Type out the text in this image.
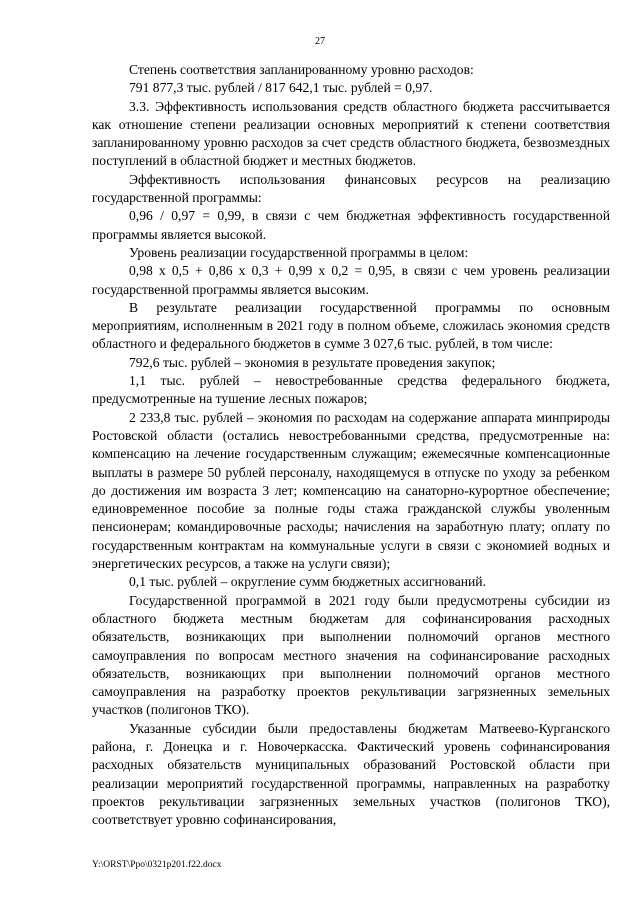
27

Степень соответствия запланированному уровню расходов:

791 877,3 тыс. рублей / 817 642,1 тыс. рублей = 0,97.

3.3. Эффективность использования средств областного бюджета рассчитывается как отношение степени реализации основных мероприятий к степени соответствия запланированному уровню расходов за счет средств областного бюджета, безвозмездных поступлений в областной бюджет и местных бюджетов.

Эффективность использования финансовых ресурсов на реализацию государственной программы:

0,96 / 0,97 = 0,99, в связи с чем бюджетная эффективность государственной программы является высокой.

Уровень реализации государственной программы в целом:

0,98 х 0,5 + 0,86 х 0,3 + 0,99 х 0,2 = 0,95, в связи с чем уровень реализации государственной программы является высоким.

В результате реализации государственной программы по основным мероприятиям, исполненным в 2021 году в полном объеме, сложилась экономия средств областного и федерального бюджетов в сумме 3 027,6 тыс. рублей, в том числе:

792,6 тыс. рублей – экономия в результате проведения закупок;

1,1 тыс. рублей – невостребованные средства федерального бюджета, предусмотренные на тушение лесных пожаров;

2 233,8 тыс. рублей – экономия по расходам на содержание аппарата минприроды Ростовской области (остались невостребованными средства, предусмотренные на: компенсацию на лечение государственным служащим; ежемесячные компенсационные выплаты в размере 50 рублей персоналу, находящемуся в отпуске по уходу за ребенком до достижения им возраста 3 лет; компенсацию на санаторно-курортное обеспечение; единовременное пособие за полные годы стажа гражданской службы уволенным пенсионерам; командировочные расходы; начисления на заработную плату; оплату по государственным контрактам на коммунальные услуги в связи с экономией водных и энергетических ресурсов, а также на услуги связи);

0,1 тыс. рублей – округление сумм бюджетных ассигнований.

Государственной программой в 2021 году были предусмотрены субсидии из областного бюджета местным бюджетам для софинансирования расходных обязательств, возникающих при выполнении полномочий органов местного самоуправления по вопросам местного значения на софинансирование расходных обязательств, возникающих при выполнении полномочий органов местного самоуправления на разработку проектов рекультивации загрязненных земельных участков (полигонов ТКО).

Указанные субсидии были предоставлены бюджетам Матвеево-Курганского района, г. Донецка и г. Новочеркасска. Фактический уровень софинансирования расходных обязательств муниципальных образований Ростовской области при реализации мероприятий государственной программы, направленных на разработку проектов рекультивации загрязненных земельных участков (полигонов ТКО), соответствует уровню софинансирования,

Y:\ORST\Ppo\0321p201.f22.docx
